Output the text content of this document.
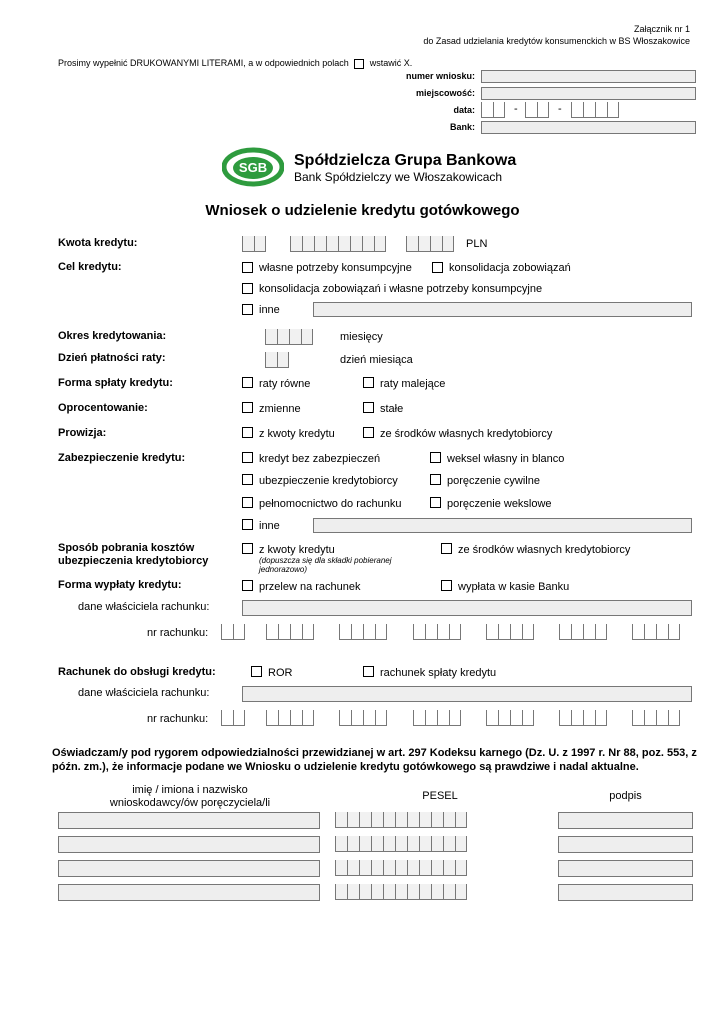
Załącznik nr 1
do Zasad udzielania kredytów konsumenckich w BS Włoszakowice
Prosimy wypełnić DRUKOWANYMI LITERAMI, a w odpowiednich polach wstawić X.
numer wniosku:
miejscowość:
data:	-	-
Bank:
SGB	Spółdzielcza Grupa Bankowa
Bank Spółdzielczy we Włoszakowicach
Wniosek o udzielenie kredytu gotówkowego
Kwota kredytu:	PLN
Cel kredytu:	własne potrzeby konsumpcyjne	konsolidacja zobowiązań
konsolidacja zobowiązań i własne potrzeby konsumpcyjne
inne
Okres kredytowania:	miesięcy
Dzień płatności raty:	dzień miesiąca
Forma spłaty kredytu:	raty równe	raty malejące
Oprocentowanie:	zmienne	stałe
Prowizja:	z kwoty kredytu	ze środków własnych kredytobiorcy
Zabezpieczenie kredytu:	kredyt bez zabezpieczeń	weksel własny in blanco
ubezpieczenie kredytobiorcy	poręczenie cywilne
pełnomocnictwo do rachunku	poręczenie wekslowe
inne
Sposób pobrania kosztów
ubezpieczenia kredytobiorcy
z kwoty kredytu
(dopuszcza się dla składki pobieranej
jednorazowo)
ze środków własnych kredytobiorcy
Forma wypłaty kredytu:	przelew na rachunek	wypłata w kasie Banku
dane właściciela rachunku:
nr rachunku:
Rachunek do obsługi kredytu:	ROR	rachunek spłaty kredytu
dane właściciela rachunku:
nr rachunku:
Oświadczam/y pod rygorem odpowiedzialności przewidzianej w art. 297 Kodeksu karnego (Dz. U. z 1997 r. Nr 88, poz. 553, z późn. zm.), że informacje podane we Wniosku o udzielenie kredytu gotówkowego są prawdziwe i nadal aktualne.
imię / imiona i nazwisko
wnioskodawcy/ów poręczyciela/li
PESEL	podpis
